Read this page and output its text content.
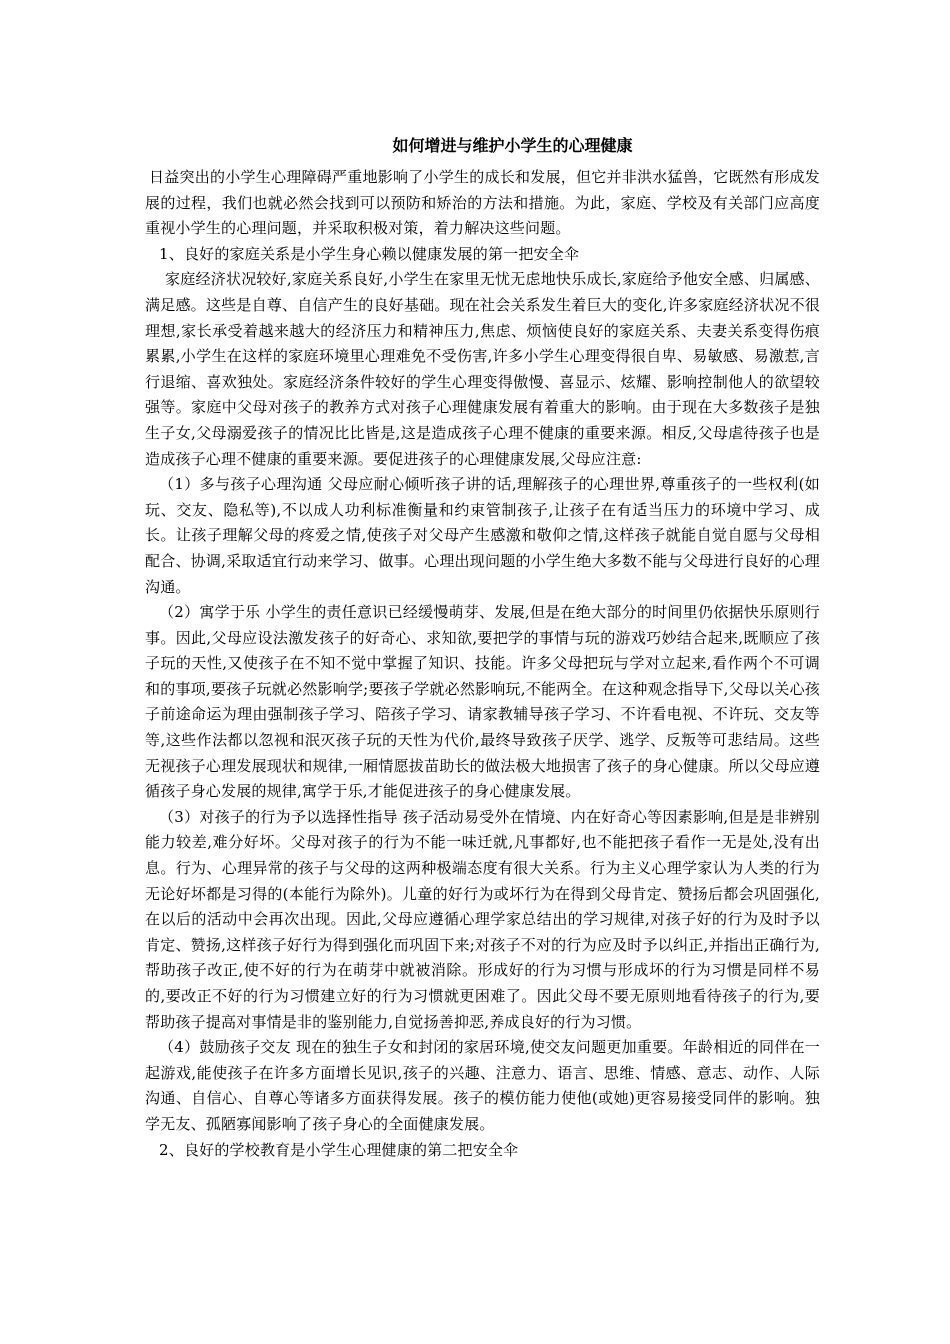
如何增进与维护小学生的心理健康

日益突出的小学生心理障碍严重地影响了小学生的成长和发展，但它并非洪水猛兽，它既然有形成发展的过程，我们也就必然会找到可以预防和矫治的方法和措施。为此，家庭、学校及有关部门应高度重视小学生的心理问题，并采取积极对策，着力解决这些问题。

1、良好的家庭关系是小学生身心赖以健康发展的第一把安全伞

家庭经济状况较好,家庭关系良好,小学生在家里无忧无虑地快乐成长,家庭给予他安全感、归属感、满足感。这些是自尊、自信产生的良好基础。现在社会关系发生着巨大的变化,许多家庭经济状况不很理想,家长承受着越来越大的经济压力和精神压力,焦虑、烦恼使良好的家庭关系、夫妻关系变得伤痕累累,小学生在这样的家庭环境里心理难免不受伤害,许多小学生心理变得很自卑、易敏感、易激惹,言行退缩、喜欢独处。家庭经济条件较好的学生心理变得傲慢、喜显示、炫耀、影响控制他人的欲望较强等。家庭中父母对孩子的教养方式对孩子心理健康发展有着重大的影响。由于现在大多数孩子是独生子女,父母溺爱孩子的情况比比皆是,这是造成孩子心理不健康的重要来源。相反,父母虐待孩子也是造成孩子心理不健康的重要来源。要促进孩子的心理健康发展,父母应注意:

（1）多与孩子心理沟通 父母应耐心倾听孩子讲的话,理解孩子的心理世界,尊重孩子的一些权利(如玩、交友、隐私等),不以成人功利标准衡量和约束管制孩子,让孩子在有适当压力的环境中学习、成长。让孩子理解父母的疼爱之情,使孩子对父母产生感激和敬仰之情,这样孩子就能自觉自愿与父母相配合、协调,采取适宜行动来学习、做事。心理出现问题的小学生绝大多数不能与父母进行良好的心理沟通。

（2）寓学于乐 小学生的责任意识已经缓慢萌芽、发展,但是在绝大部分的时间里仍依据快乐原则行事。因此,父母应设法激发孩子的好奇心、求知欲,要把学的事情与玩的游戏巧妙结合起来,既顺应了孩子玩的天性,又使孩子在不知不觉中掌握了知识、技能。许多父母把玩与学对立起来,看作两个不可调和的事项,要孩子玩就必然影响学;要孩子学就必然影响玩,不能两全。在这种观念指导下,父母以关心孩子前途命运为理由强制孩子学习、陪孩子学习、请家教辅导孩子学习、不许看电视、不许玩、交友等等,这些作法都以忽视和泯灭孩子玩的天性为代价,最终导致孩子厌学、逃学、反叛等可悲结局。这些无视孩子心理发展现状和规律,一厢情愿拔苗助长的做法极大地损害了孩子的身心健康。所以父母应遵循孩子身心发展的规律,寓学于乐,才能促进孩子的身心健康发展。

（3）对孩子的行为予以选择性指导 孩子活动易受外在情境、内在好奇心等因素影响,但是是非辨别能力较差,难分好坏。父母对孩子的行为不能一味迁就,凡事都好,也不能把孩子看作一无是处,没有出息。行为、心理异常的孩子与父母的这两种极端态度有很大关系。行为主义心理学家认为人类的行为无论好坏都是习得的(本能行为除外)。儿童的好行为或坏行为在得到父母肯定、赞扬后都会巩固强化,在以后的活动中会再次出现。因此,父母应遵循心理学家总结出的学习规律,对孩子好的行为及时予以肯定、赞扬,这样孩子好行为得到强化而巩固下来;对孩子不对的行为应及时予以纠正,并指出正确行为,帮助孩子改正,使不好的行为在萌芽中就被消除。形成好的行为习惯与形成坏的行为习惯是同样不易的,要改正不好的行为习惯建立好的行为习惯就更困难了。因此父母不要无原则地看待孩子的行为,要帮助孩子提高对事情是非的鉴别能力,自觉扬善抑恶,养成良好的行为习惯。

（4）鼓励孩子交友 现在的独生子女和封闭的家居环境,使交友问题更加重要。年龄相近的同伴在一起游戏,能使孩子在许多方面增长见识,孩子的兴趣、注意力、语言、思维、情感、意志、动作、人际沟通、自信心、自尊心等诸多方面获得发展。孩子的模仿能力使他(或她)更容易接受同伴的影响。独学无友、孤陋寡闻影响了孩子身心的全面健康发展。

2、良好的学校教育是小学生心理健康的第二把安全伞
